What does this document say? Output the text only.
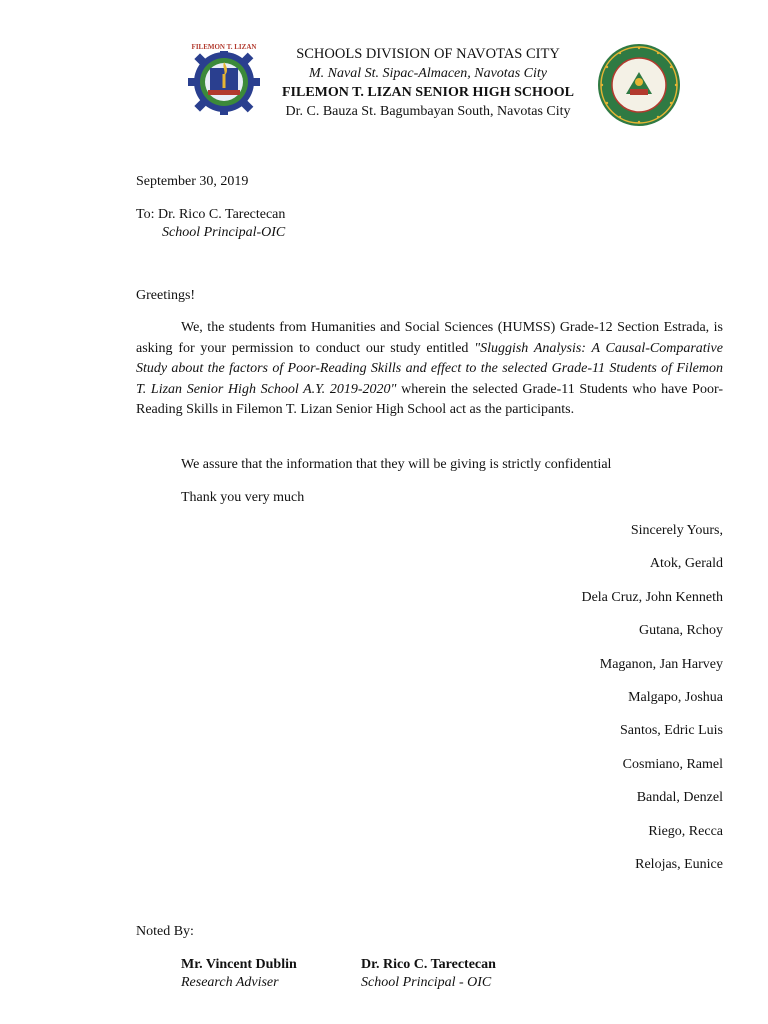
FILEMON T. LIZAN	SCHOOLS DIVISION OF NAVOTAS CITY
M. Naval St. Sipac-Almacen, Navotas City
FILEMON T. LIZAN SENIOR HIGH SCHOOL
Dr. C. Bauza St. Bagumbayan South, Navotas City
September 30, 2019
To: Dr. Rico C. Tarectecan
School Principal-OIC
Greetings!
We, the students from Humanities and Social Sciences (HUMSS) Grade-12 Section Estrada, is asking for your permission to conduct our study entitled "Sluggish Analysis: A Causal-Comparative Study about the factors of Poor-Reading Skills and effect to the selected Grade-11 Students of Filemon T. Lizan Senior High School A.Y. 2019-2020" wherein the selected Grade-11 Students who have Poor-Reading Skills in Filemon T. Lizan Senior High School act as the participants.
We assure that the information that they will be giving is strictly confidential
Thank you very much
Sincerely Yours,
Atok, Gerald
Dela Cruz, John Kenneth
Gutana, Rchoy
Maganon, Jan Harvey
Malgapo, Joshua
Santos, Edric Luis
Cosmiano, Ramel
Bandal, Denzel
Riego, Recca
Relojas, Eunice
Noted By:
Mr. Vincent Dublin
Research Adviser
Dr. Rico C. Tarectecan
School Principal - OIC
